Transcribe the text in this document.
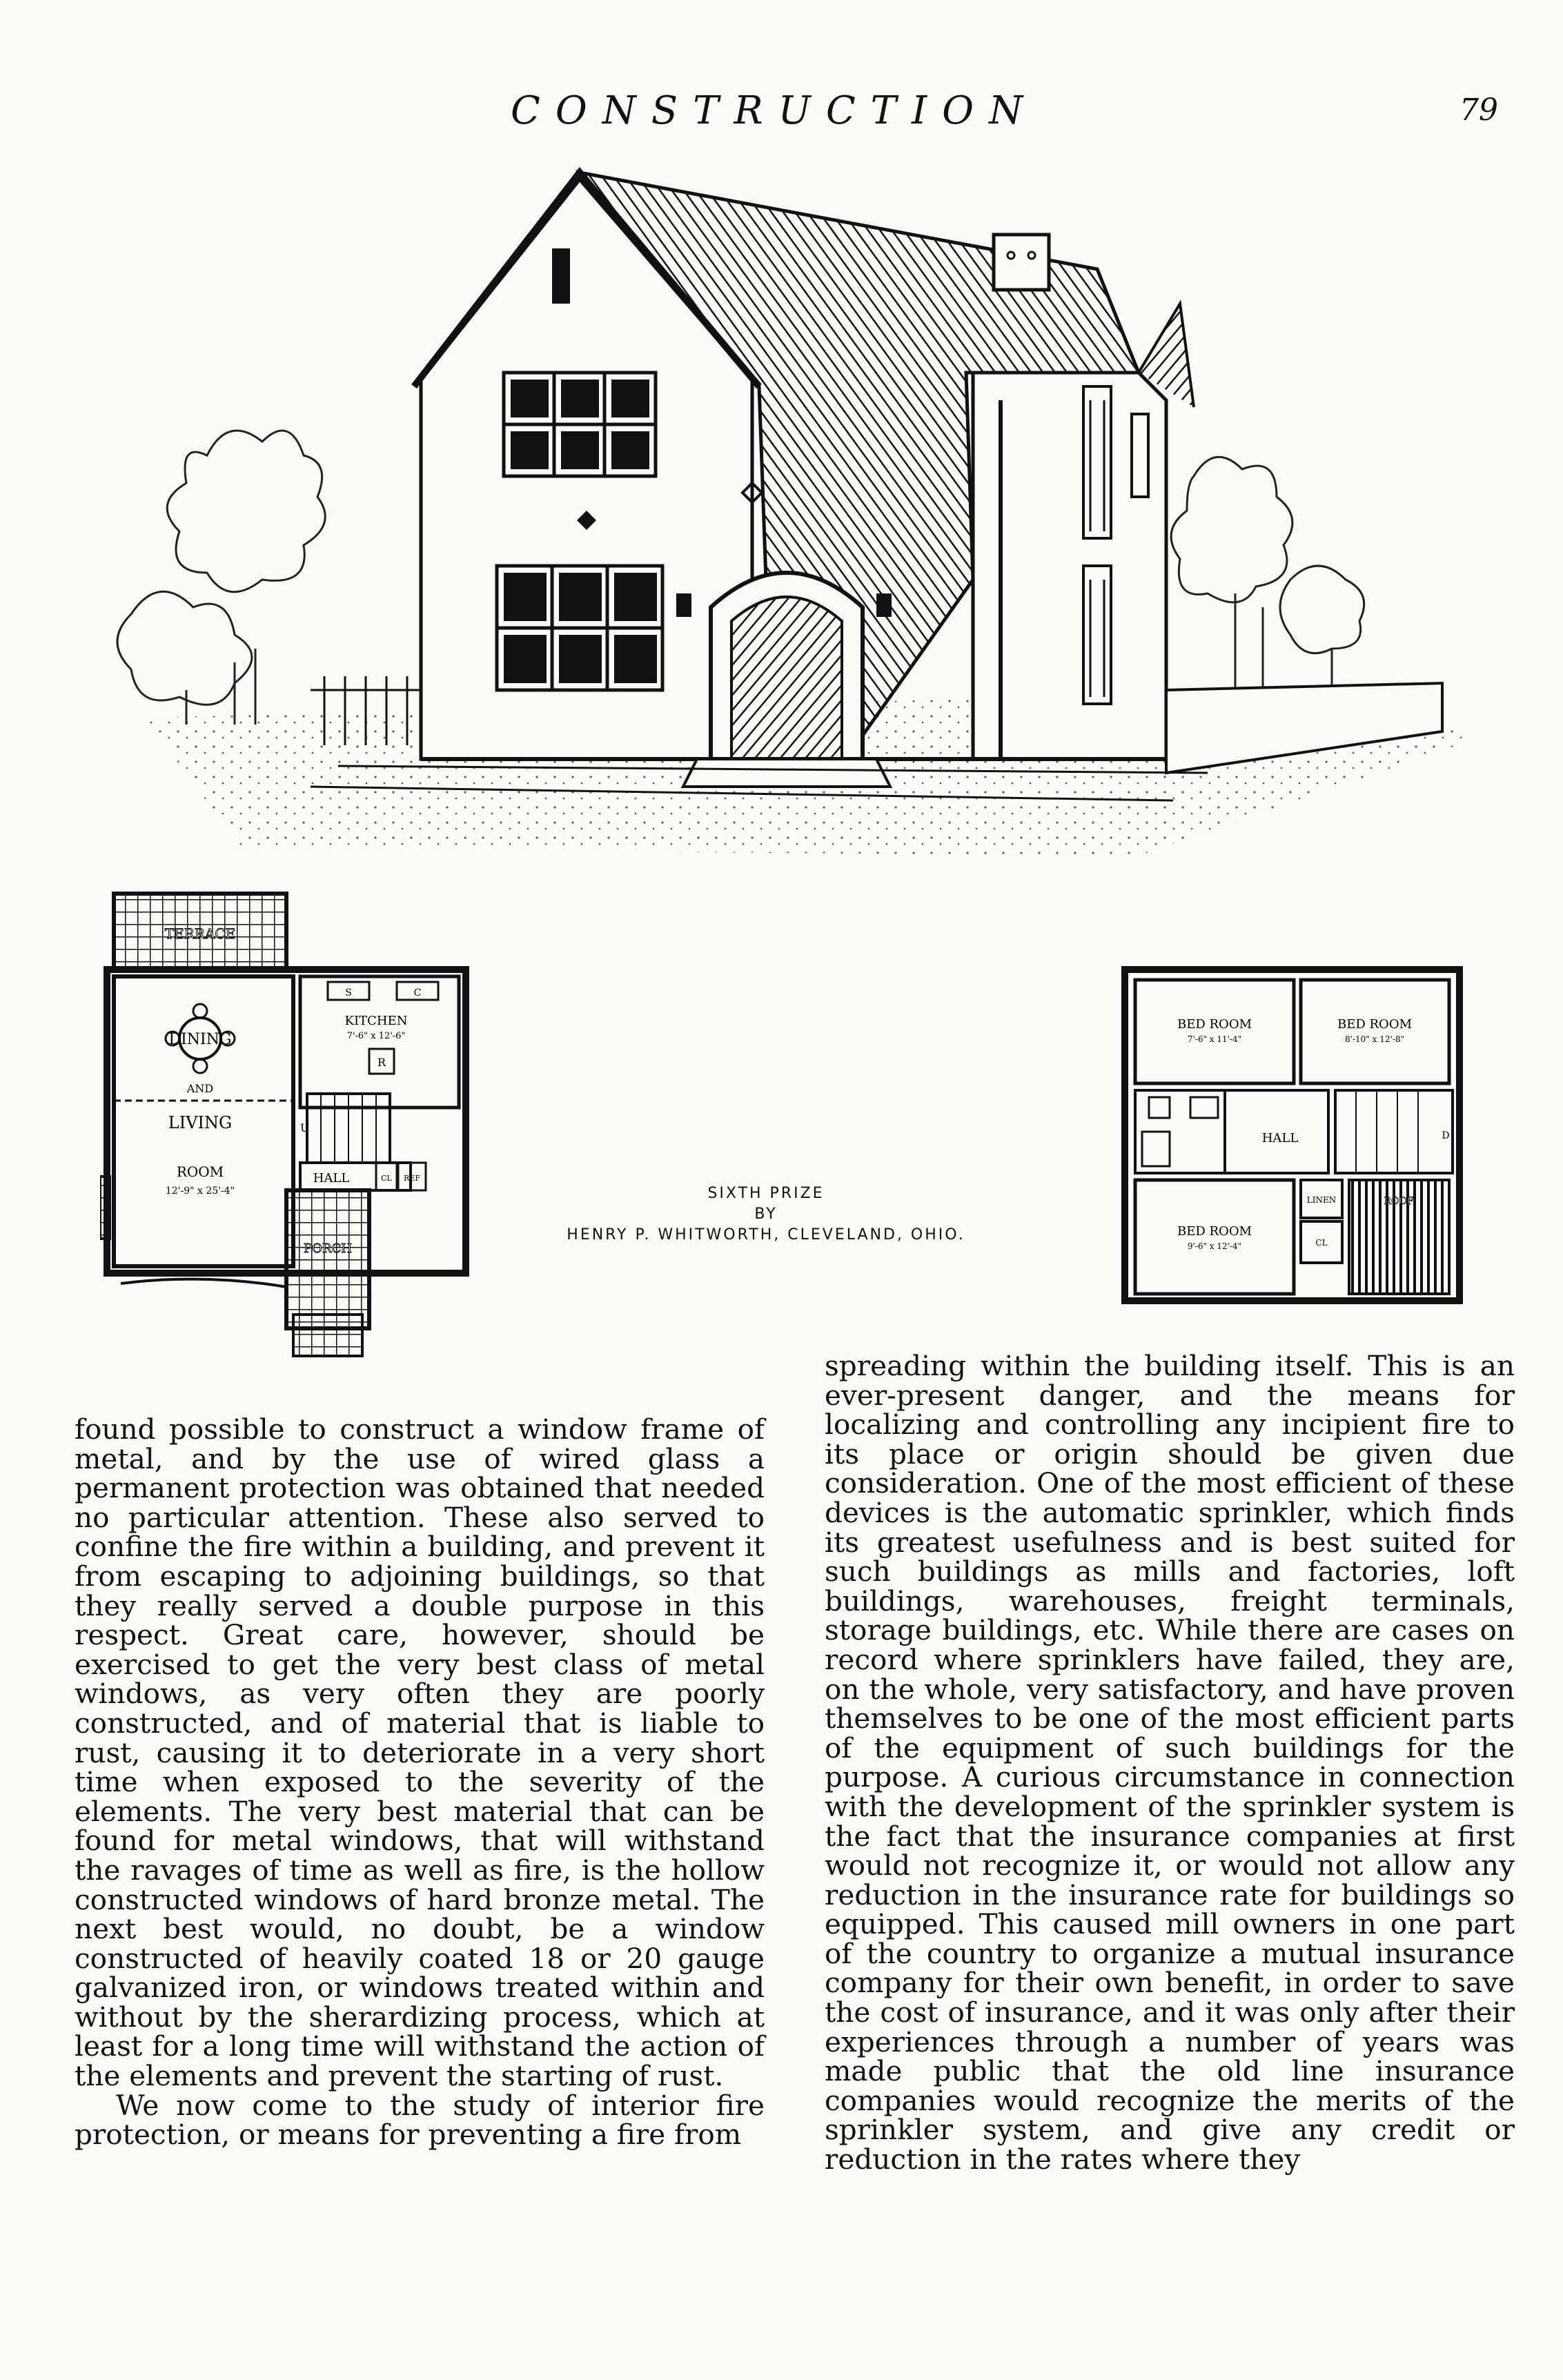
CONSTRUCTION	79
TERRACE
DINING
AND
LIVING
ROOM
12'-9" x 25'-4"
S	C
KITCHEN
7'-6" x 12'-6"
R
U
HALL	CL REF
PORCH
BED ROOM
7'-6" x 11'-4"
BED ROOM
8'-10" x 12'-8"
HALL	D
BED ROOM
9'-6" x 12'-4"
LINEN
CL
ROOF
SIXTH PRIZE
BY
HENRY P. WHITWORTH, CLEVELAND, OHIO.

found possible to construct a window frame of metal, and by the use of wired glass a permanent protection was obtained that needed no particular attention. These also served to confine the fire within a building, and prevent it from escaping to adjoining buildings, so that they really served a double purpose in this respect. Great care, however, should be exercised to get the very best class of metal windows, as very often they are poorly constructed, and of material that is liable to rust, causing it to deteriorate in a very short time when exposed to the severity of the elements. The very best material that can be found for metal windows, that will withstand the ravages of time as well as fire, is the hollow constructed windows of hard bronze metal. The next best would, no doubt, be a window constructed of heavily coated 18 or 20 gauge galvanized iron, or windows treated within and without by the sherardizing process, which at least for a long time will withstand the action of the elements and prevent the starting of rust.

We now come to the study of interior fire protection, or means for preventing a fire from

spreading within the building itself. This is an ever-present danger, and the means for localizing and controlling any incipient fire to its place or origin should be given due consideration. One of the most efficient of these devices is the automatic sprinkler, which finds its greatest usefulness and is best suited for such buildings as mills and factories, loft buildings, warehouses, freight terminals, storage buildings, etc. While there are cases on record where sprinklers have failed, they are, on the whole, very satisfactory, and have proven themselves to be one of the most efficient parts of the equipment of such buildings for the purpose. A curious circumstance in connection with the development of the sprinkler system is the fact that the insurance companies at first would not recognize it, or would not allow any reduction in the insurance rate for buildings so equipped. This caused mill owners in one part of the country to organize a mutual insurance company for their own benefit, in order to save the cost of insurance, and it was only after their experiences through a number of years was made public that the old line insurance companies would recognize the merits of the sprinkler system, and give any credit or reduction in the rates where they
